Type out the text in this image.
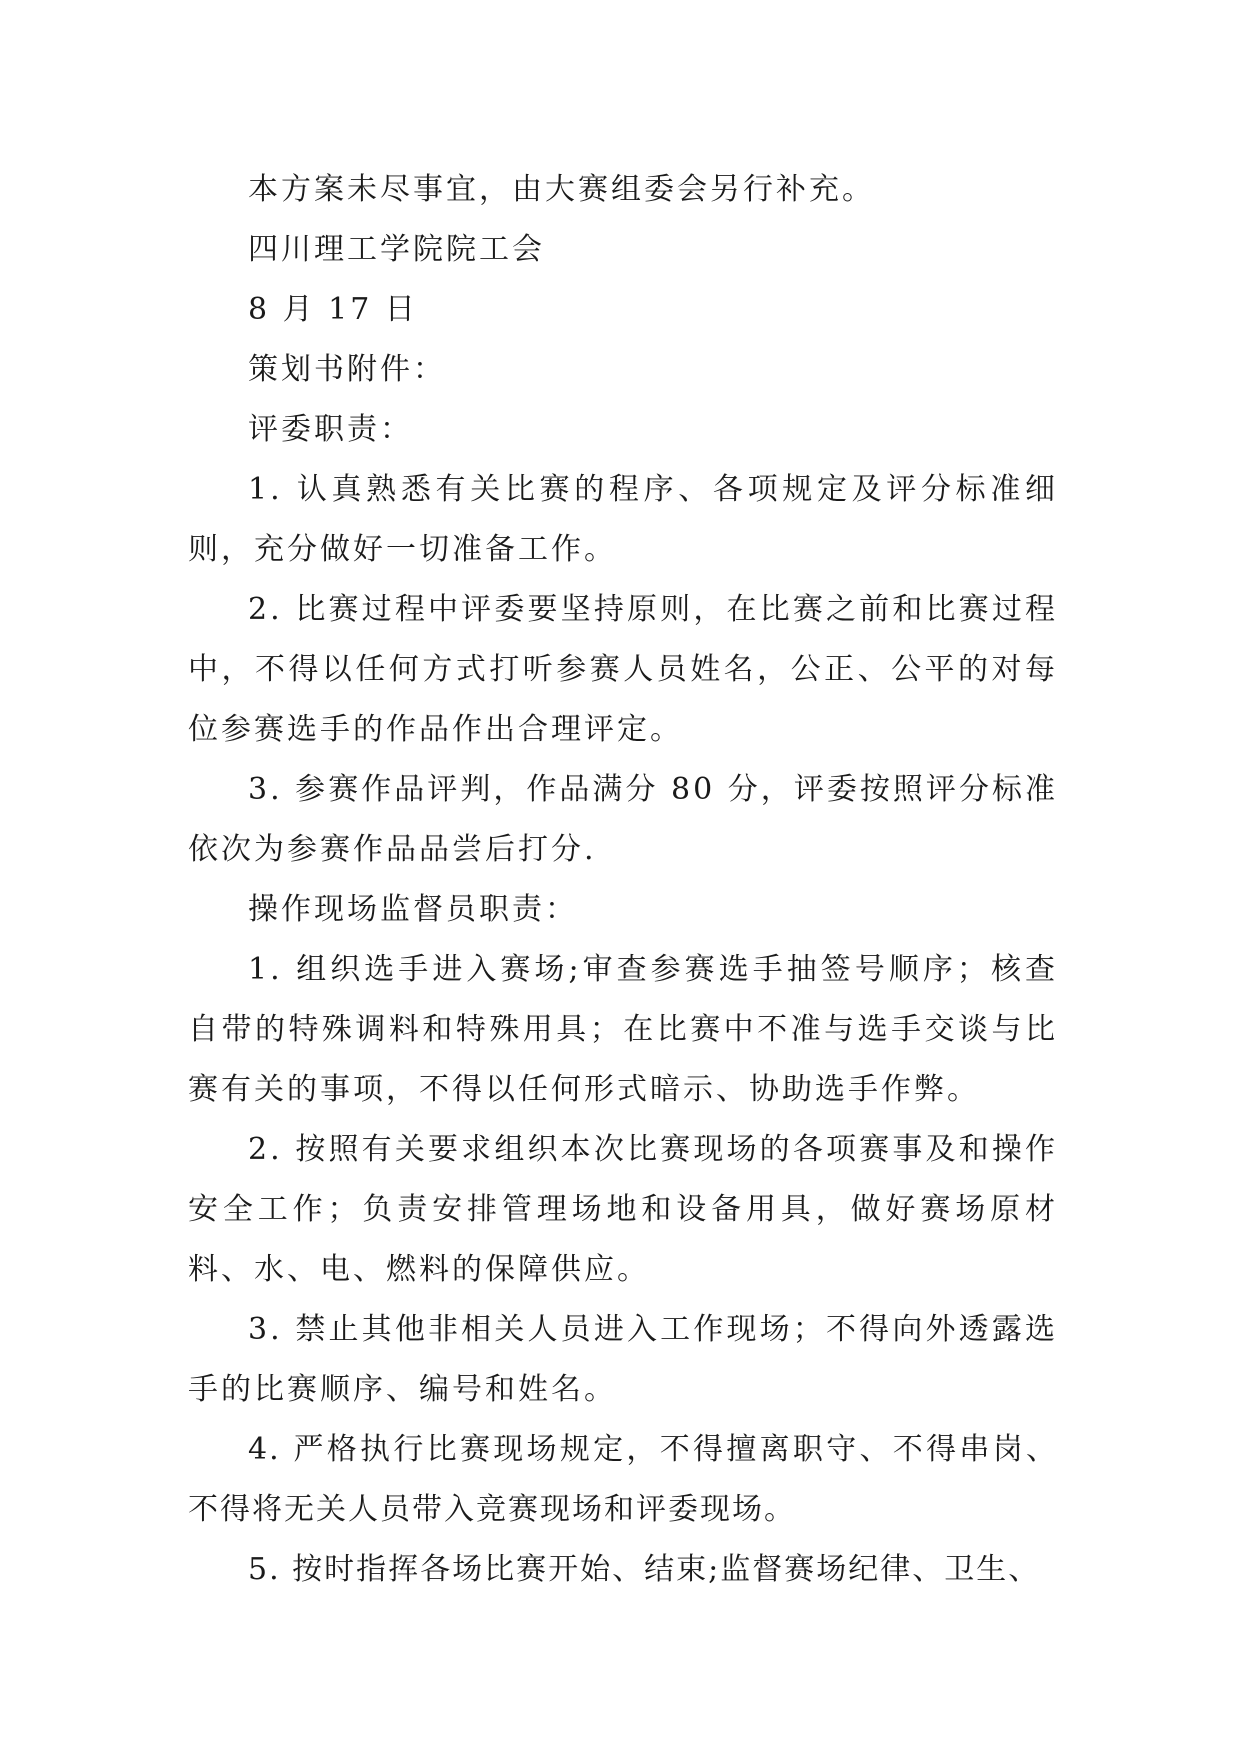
本方案未尽事宜，由大赛组委会另行补充。

四川理工学院院工会

8 月 17 日

策划书附件：

评委职责：

1. 认真熟悉有关比赛的程序、各项规定及评分标准细则，充分做好一切准备工作。

2. 比赛过程中评委要坚持原则，在比赛之前和比赛过程中，不得以任何方式打听参赛人员姓名，公正、公平的对每位参赛选手的作品作出合理评定。

3. 参赛作品评判，作品满分 80 分，评委按照评分标准依次为参赛作品品尝后打分.

操作现场监督员职责：

1. 组织选手进入赛场;审查参赛选手抽签号顺序；核查自带的特殊调料和特殊用具；在比赛中不准与选手交谈与比赛有关的事项，不得以任何形式暗示、协助选手作弊。

2. 按照有关要求组织本次比赛现场的各项赛事及和操作安全工作；负责安排管理场地和设备用具，做好赛场原材料、水、电、燃料的保障供应。

3. 禁止其他非相关人员进入工作现场；不得向外透露选手的比赛顺序、编号和姓名。

4. 严格执行比赛现场规定，不得擅离职守、不得串岗、不得将无关人员带入竞赛现场和评委现场。

5. 按时指挥各场比赛开始、结束;监督赛场纪律、卫生、
